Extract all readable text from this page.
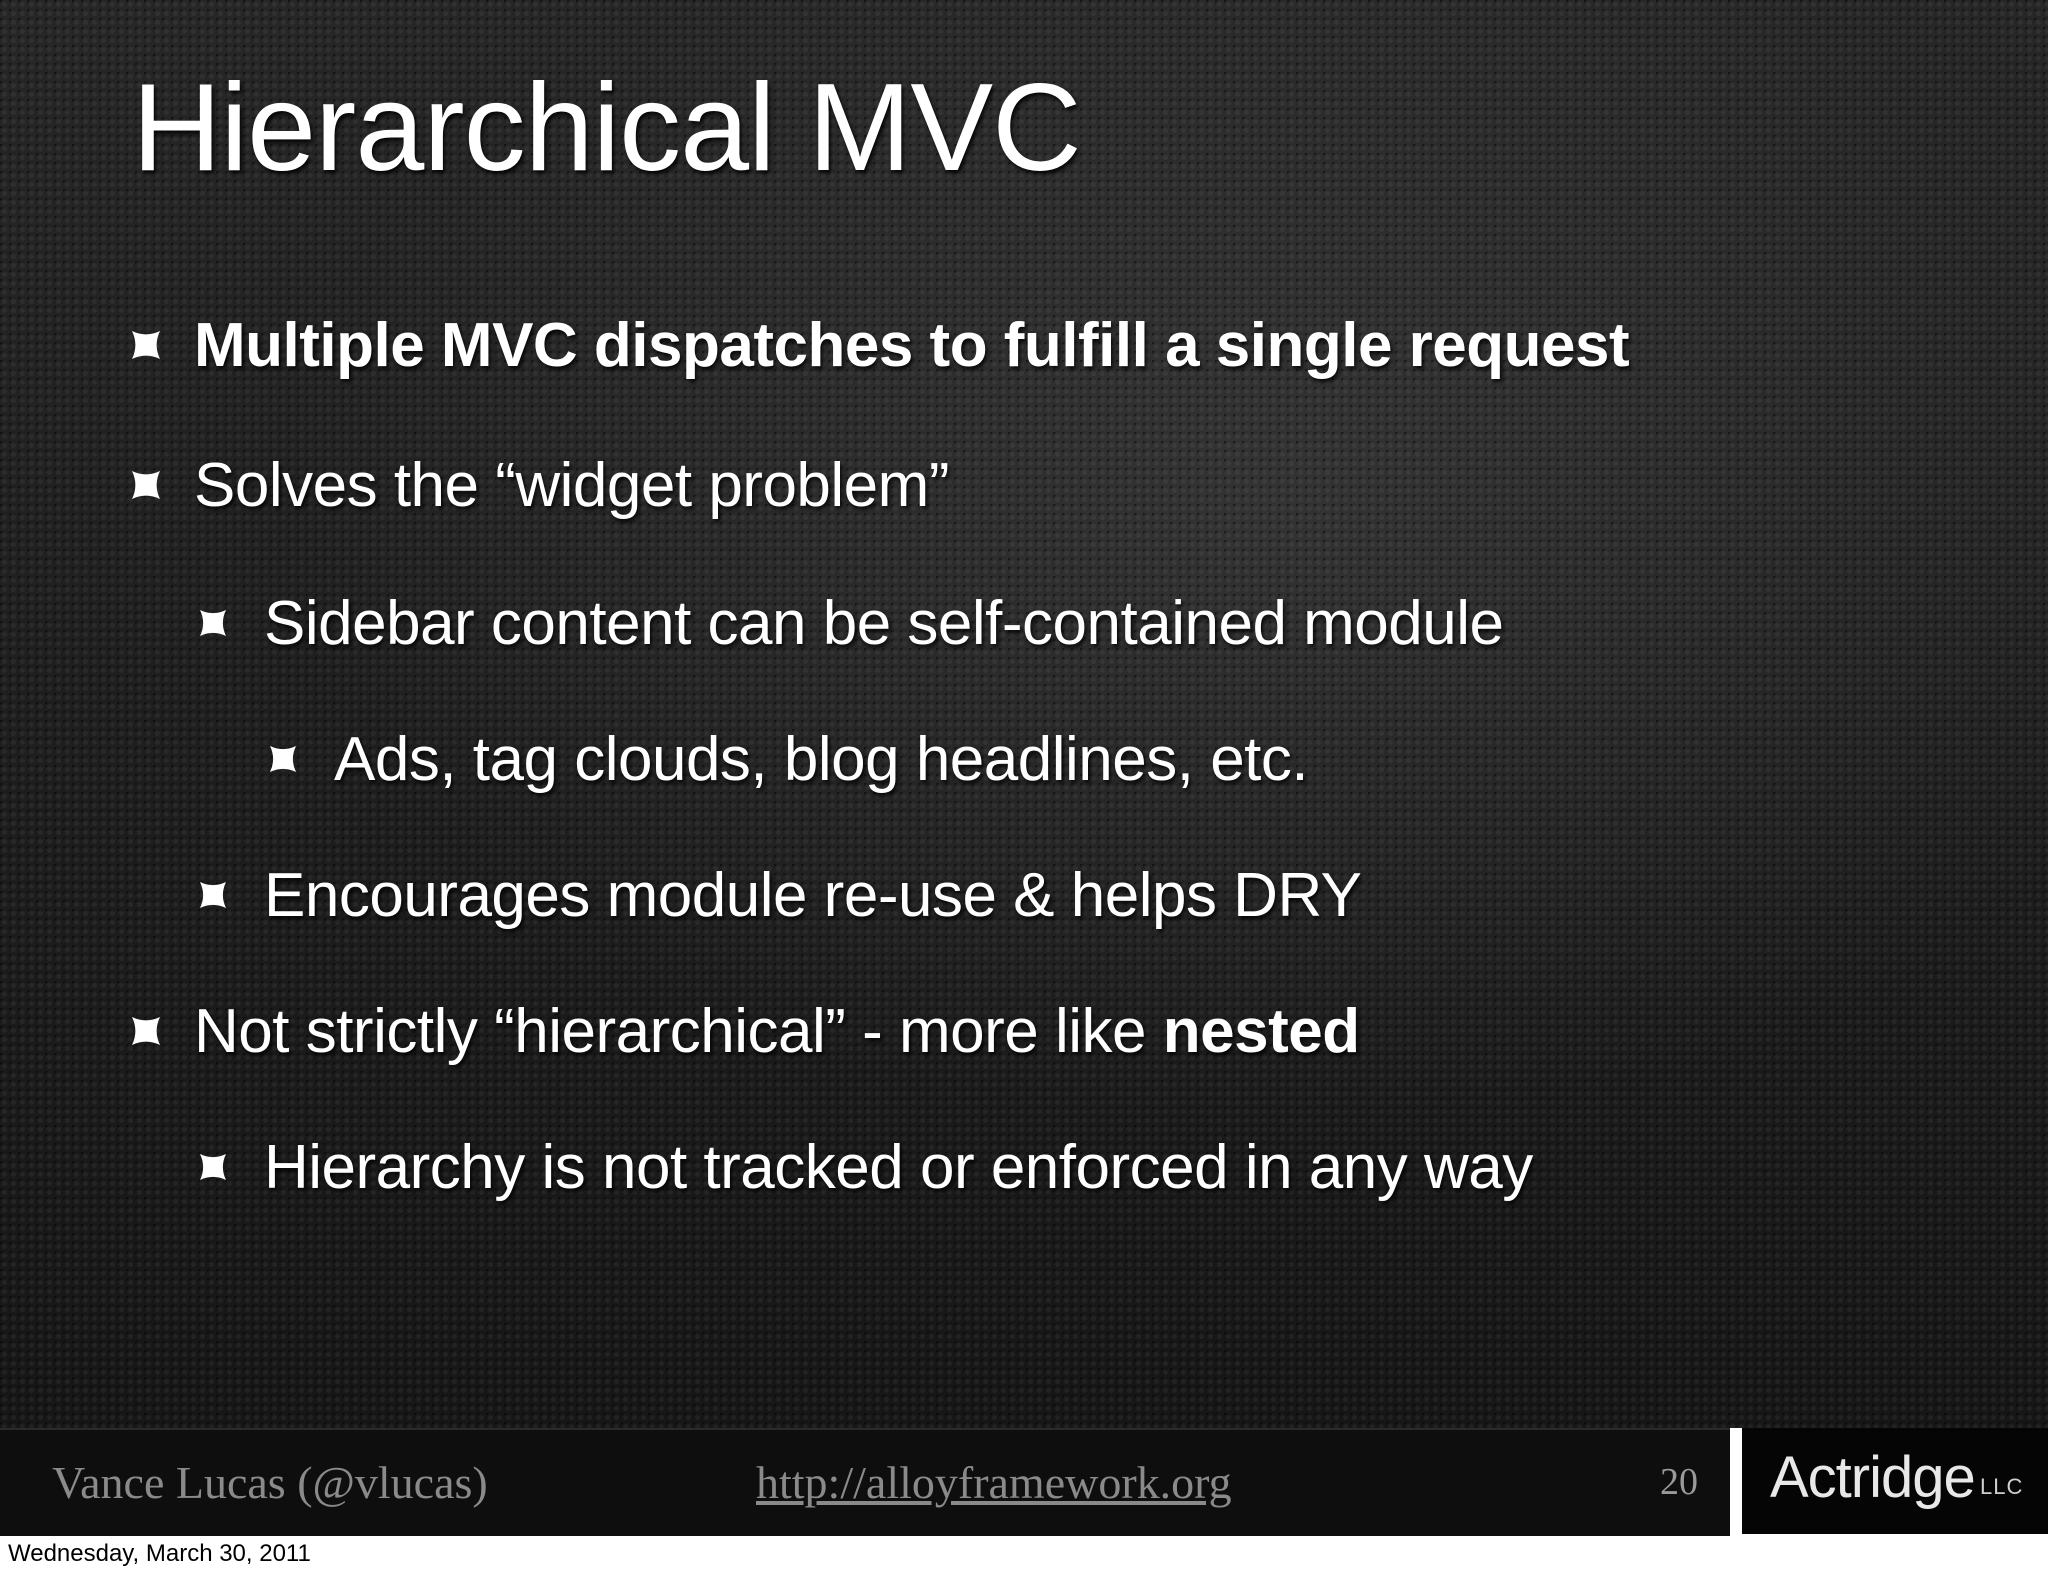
Hierarchical MVC
Multiple MVC dispatches to fulfill a single request
Solves the “widget problem”
Sidebar content can be self-contained module
Ads, tag clouds, blog headlines, etc.
Encourages module re-use & helps DRY
Not strictly “hierarchical” - more like nested
Hierarchy is not tracked or enforced in any way
Vance Lucas (@vlucas)	http://alloyframework.org	20 Actridge LLC
Wednesday, March 30, 2011
